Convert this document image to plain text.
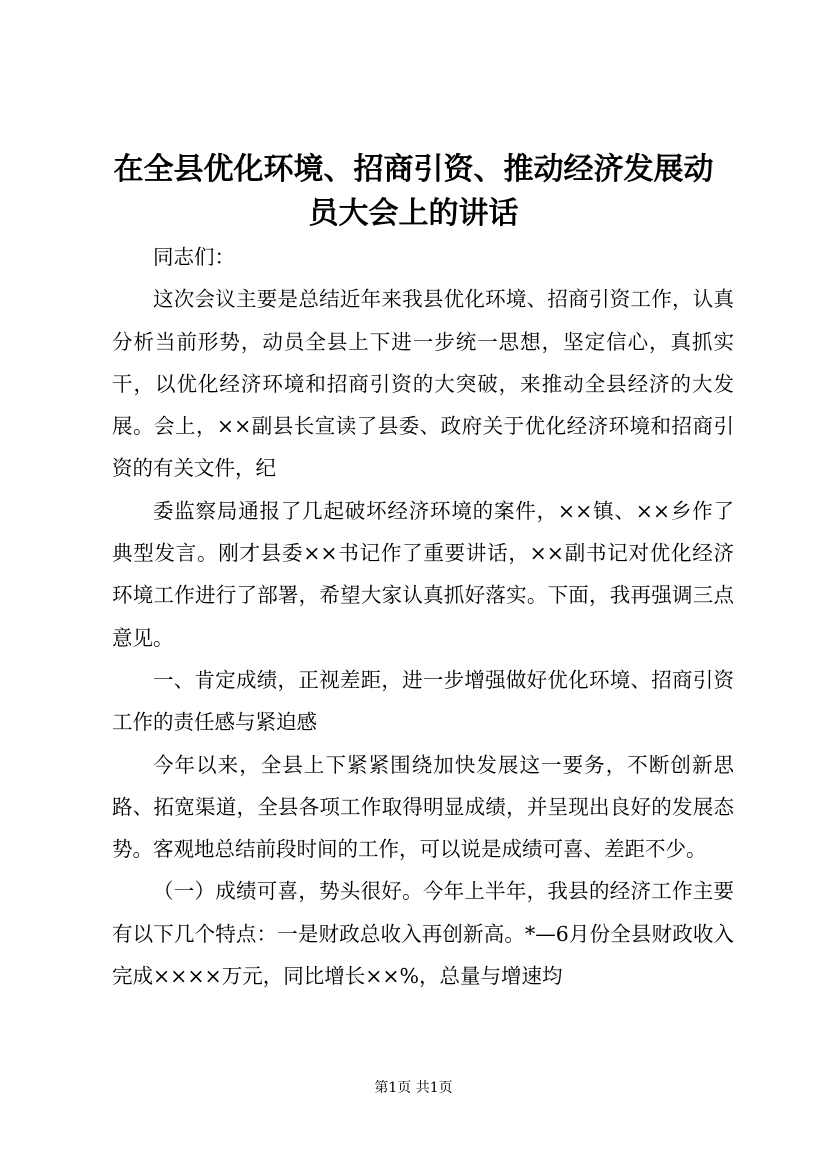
在全县优化环境、招商引资、推动经济发展动员大会上的讲话

同志们：

这次会议主要是总结近年来我县优化环境、招商引资工作，认真分析当前形势，动员全县上下进一步统一思想，坚定信心，真抓实干，以优化经济环境和招商引资的大突破，来推动全县经济的大发展。会上，××副县长宣读了县委、政府关于优化经济环境和招商引资的有关文件，纪

委监察局通报了几起破坏经济环境的案件，××镇、××乡作了典型发言。刚才县委××书记作了重要讲话，××副书记对优化经济环境工作进行了部署，希望大家认真抓好落实。下面，我再强调三点意见。

一、肯定成绩，正视差距，进一步增强做好优化环境、招商引资工作的责任感与紧迫感

今年以来，全县上下紧紧围绕加快发展这一要务，不断创新思路、拓宽渠道，全县各项工作取得明显成绩，并呈现出良好的发展态势。客观地总结前段时间的工作，可以说是成绩可喜、差距不少。

（一）成绩可喜，势头很好。今年上半年，我县的经济工作主要有以下几个特点：一是财政总收入再创新高。*—6月份全县财政收入完成××××万元，同比增长××%，总量与增速均

第1页 共1页
